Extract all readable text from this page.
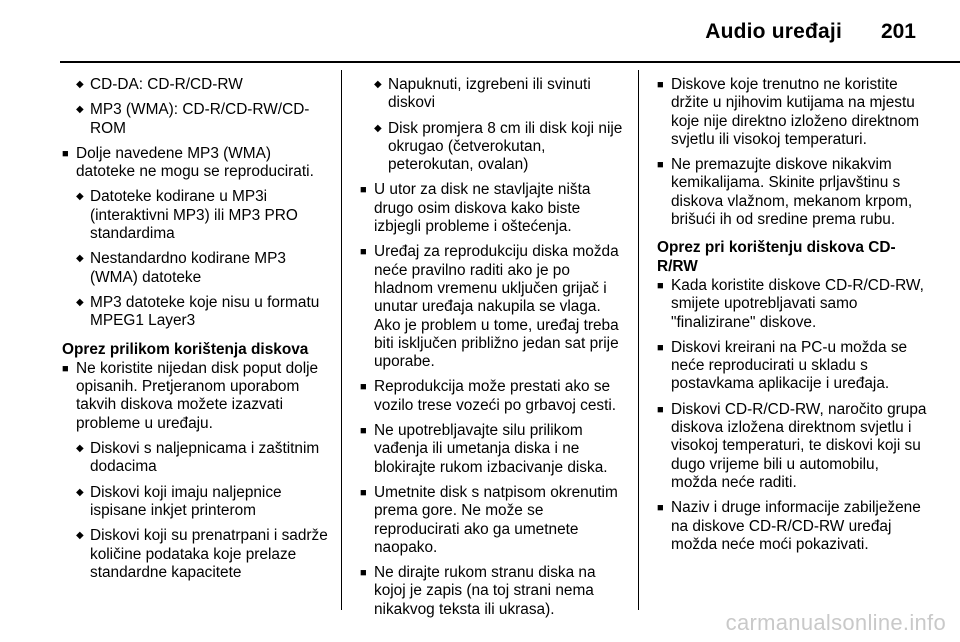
Audio uređaji 201
◆ CD-DA: CD-R/CD-RW
◆ MP3 (WMA): CD-R/CD-RW/CD-ROM
■ Dolje navedene MP3 (WMA) datoteke ne mogu se reproducirati.
◆ Datoteke kodirane u MP3i (interaktivni MP3) ili MP3 PRO standardima
◆ Nestandardno kodirane MP3 (WMA) datoteke
◆ MP3 datoteke koje nisu u formatu MPEG1 Layer3
Oprez prilikom korištenja diskova
■ Ne koristite nijedan disk poput dolje opisanih. Pretjeranom uporabom takvih diskova možete izazvati probleme u uređaju.
◆ Diskovi s naljepnicama i zaštitnim dodacima
◆ Diskovi koji imaju naljepnice ispisane inkjet printerom
◆ Diskovi koji su prenatrpani i sadrže količine podataka koje prelaze standardne kapacitete
◆ Napuknuti, izgrebeni ili svinuti diskovi
◆ Disk promjera 8 cm ili disk koji nije okrugao (četverokutan, peterokutan, ovalan)
■ U utor za disk ne stavljajte ništa drugo osim diskova kako biste izbjegli probleme i oštećenja.
■ Uređaj za reprodukciju diska možda neće pravilno raditi ako je po hladnom vremenu uključen grijač i unutar uređaja nakupila se vlaga. Ako je problem u tome, uređaj treba biti isključen približno jedan sat prije uporabe.
■ Reprodukcija može prestati ako se vozilo trese vozeći po grbavoj cesti.
■ Ne upotrebljavajte silu prilikom vađenja ili umetanja diska i ne blokirajte rukom izbacivanje diska.
■ Umetnite disk s natpisom okrenutim prema gore. Ne može se reproducirati ako ga umetnete naopako.
■ Ne dirajte rukom stranu diska na kojoj je zapis (na toj strani nema nikakvog teksta ili ukrasa).
■ Diskove koje trenutno ne koristite držite u njihovim kutijama na mjestu koje nije direktno izloženo direktnom svjetlu ili visokoj temperaturi.
■ Ne premazujte diskove nikakvim kemikalijama. Skinite prljavštinu s diskova vlažnom, mekanom krpom, brišući ih od sredine prema rubu.
Oprez pri korištenju diskova CD-R/RW
■ Kada koristite diskove CD-R/CD-RW, smijete upotrebljavati samo "finalizirane" diskove.
■ Diskovi kreirani na PC-u možda se neće reproducirati u skladu s postavkama aplikacije i uređaja.
■ Diskovi CD-R/CD-RW, naročito grupa diskova izložena direktnom svjetlu i visokoj temperaturi, te diskovi koji su dugo vrijeme bili u automobilu, možda neće raditi.
■ Naziv i druge informacije zabilježene na diskove CD-R/CD-RW uređaj možda neće moći pokazivati.
carmanualsonline.info
